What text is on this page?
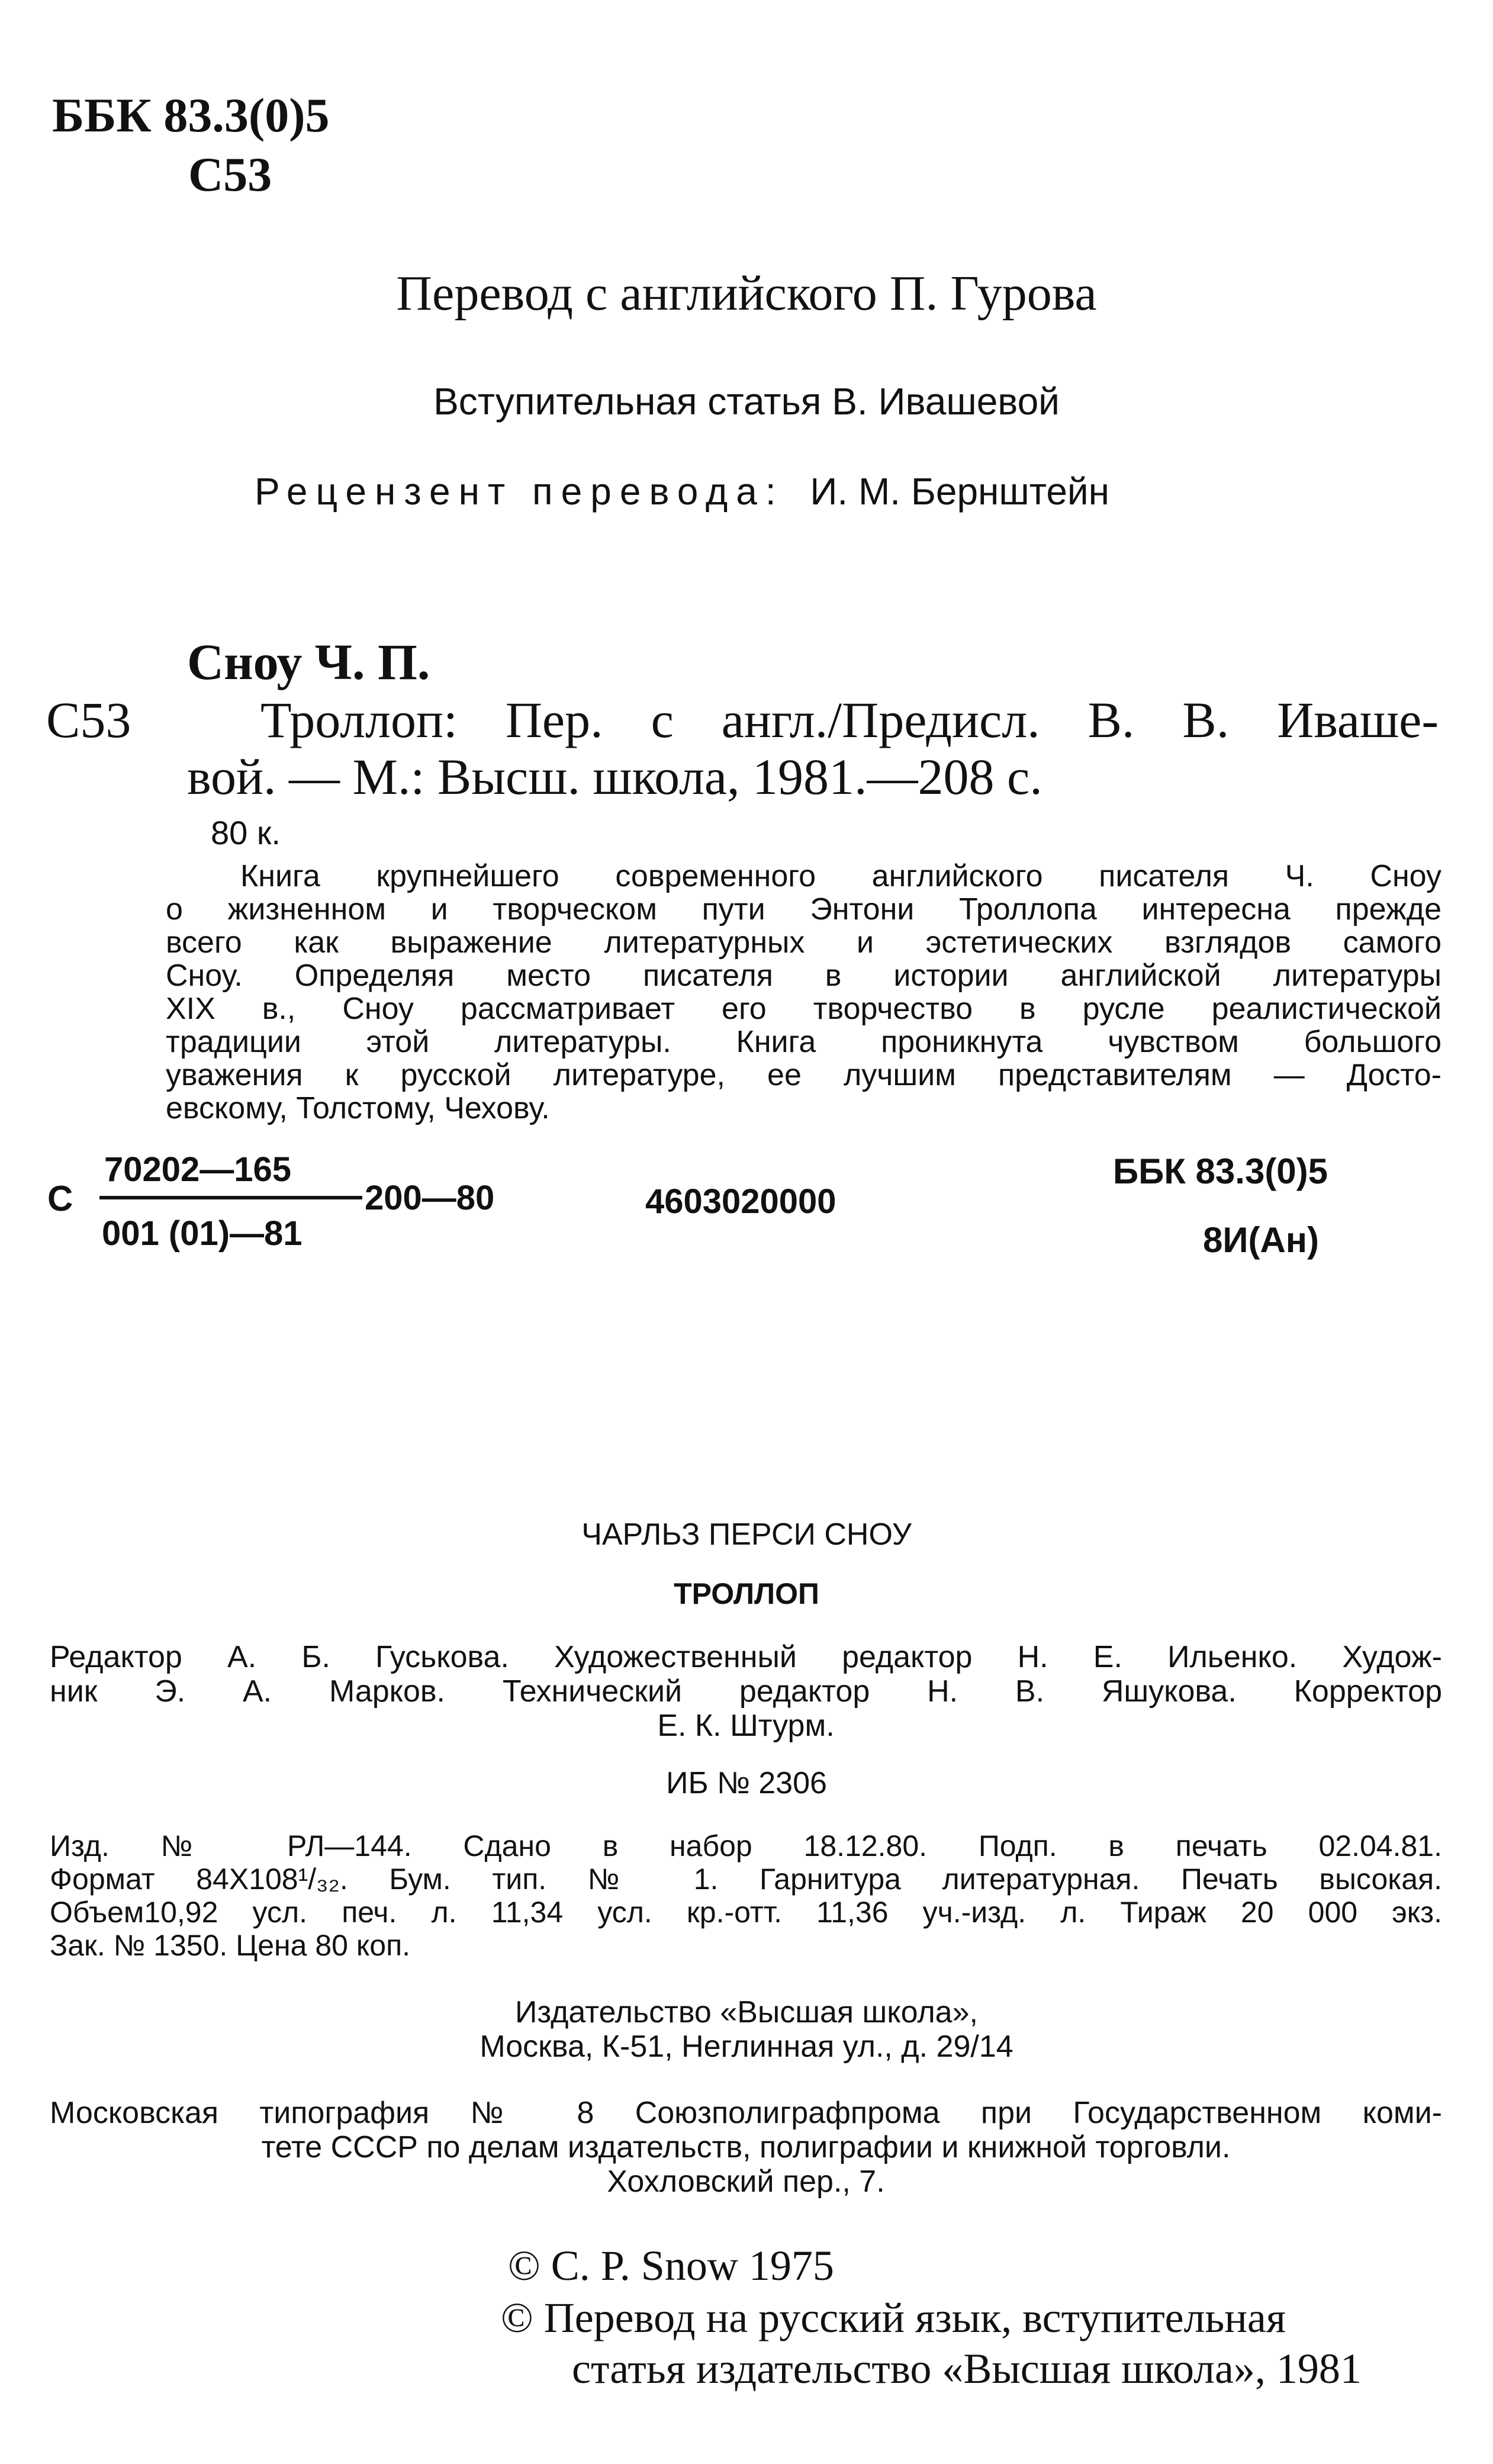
ББК 83.3(0)5
С53
Перевод с английского П. Гурова
Вступительная статья В. Ивашевой
Рецензент перевода: И. М. Бернштейн
Сноу Ч. П.
С53	Троллоп: Пер. с англ./Предисл. В. В. Иваше-
вой. — М.: Высш. школа, 1981.—208 с.
80 к.
Книга крупнейшего современного английского писателя Ч. Сноу
о жизненном и творческом пути Энтони Троллопа интересна прежде
всего как выражение литературных и эстетических взглядов самого
Сноу. Определяя место писателя в истории английской литературы
XIX в., Сноу рассматривает его творчество в русле реалистической
традиции этой литературы. Книга проникнута чувством большого
уважения к русской литературе, ее лучшим представителям — Досто-
евскому, Толстому, Чехову.
С
70202—165
001 (01)—81
200—80	4603020000
ББК 83.3(0)5
8И(Ан)
ЧАРЛЬЗ ПЕРСИ СНОУ
ТРОЛЛОП
Редактор А. Б. Гуськова. Художественный редактор Н. Е. Ильенко. Худож-
ник Э. А. Марков. Технический редактор Н. В. Яшукова. Корректор
Е. К. Штурм.
ИБ № 2306
Изд. № РЛ—144. Сдано в набор 18.12.80. Подп. в печать 02.04.81.
Формат 84Х108¹/₃₂. Бум. тип. № 1. Гарнитура литературная. Печать высокая.
Объем10,92 усл. печ. л. 11,34 усл. кр.-отт. 11,36 уч.-изд. л. Тираж 20 000 экз.
Зак. № 1350. Цена 80 коп.
Издательство «Высшая школа»,
Москва, К-51, Неглинная ул., д. 29/14
Московская типография № 8 Союзполиграфпрома при Государственном коми-
тете СССР по делам издательств, полиграфии и книжной торговли.
Хохловский пер., 7.
© C. P. Snow 1975
© Перевод на русский язык, вступительная
статья издательство «Высшая школа», 1981
